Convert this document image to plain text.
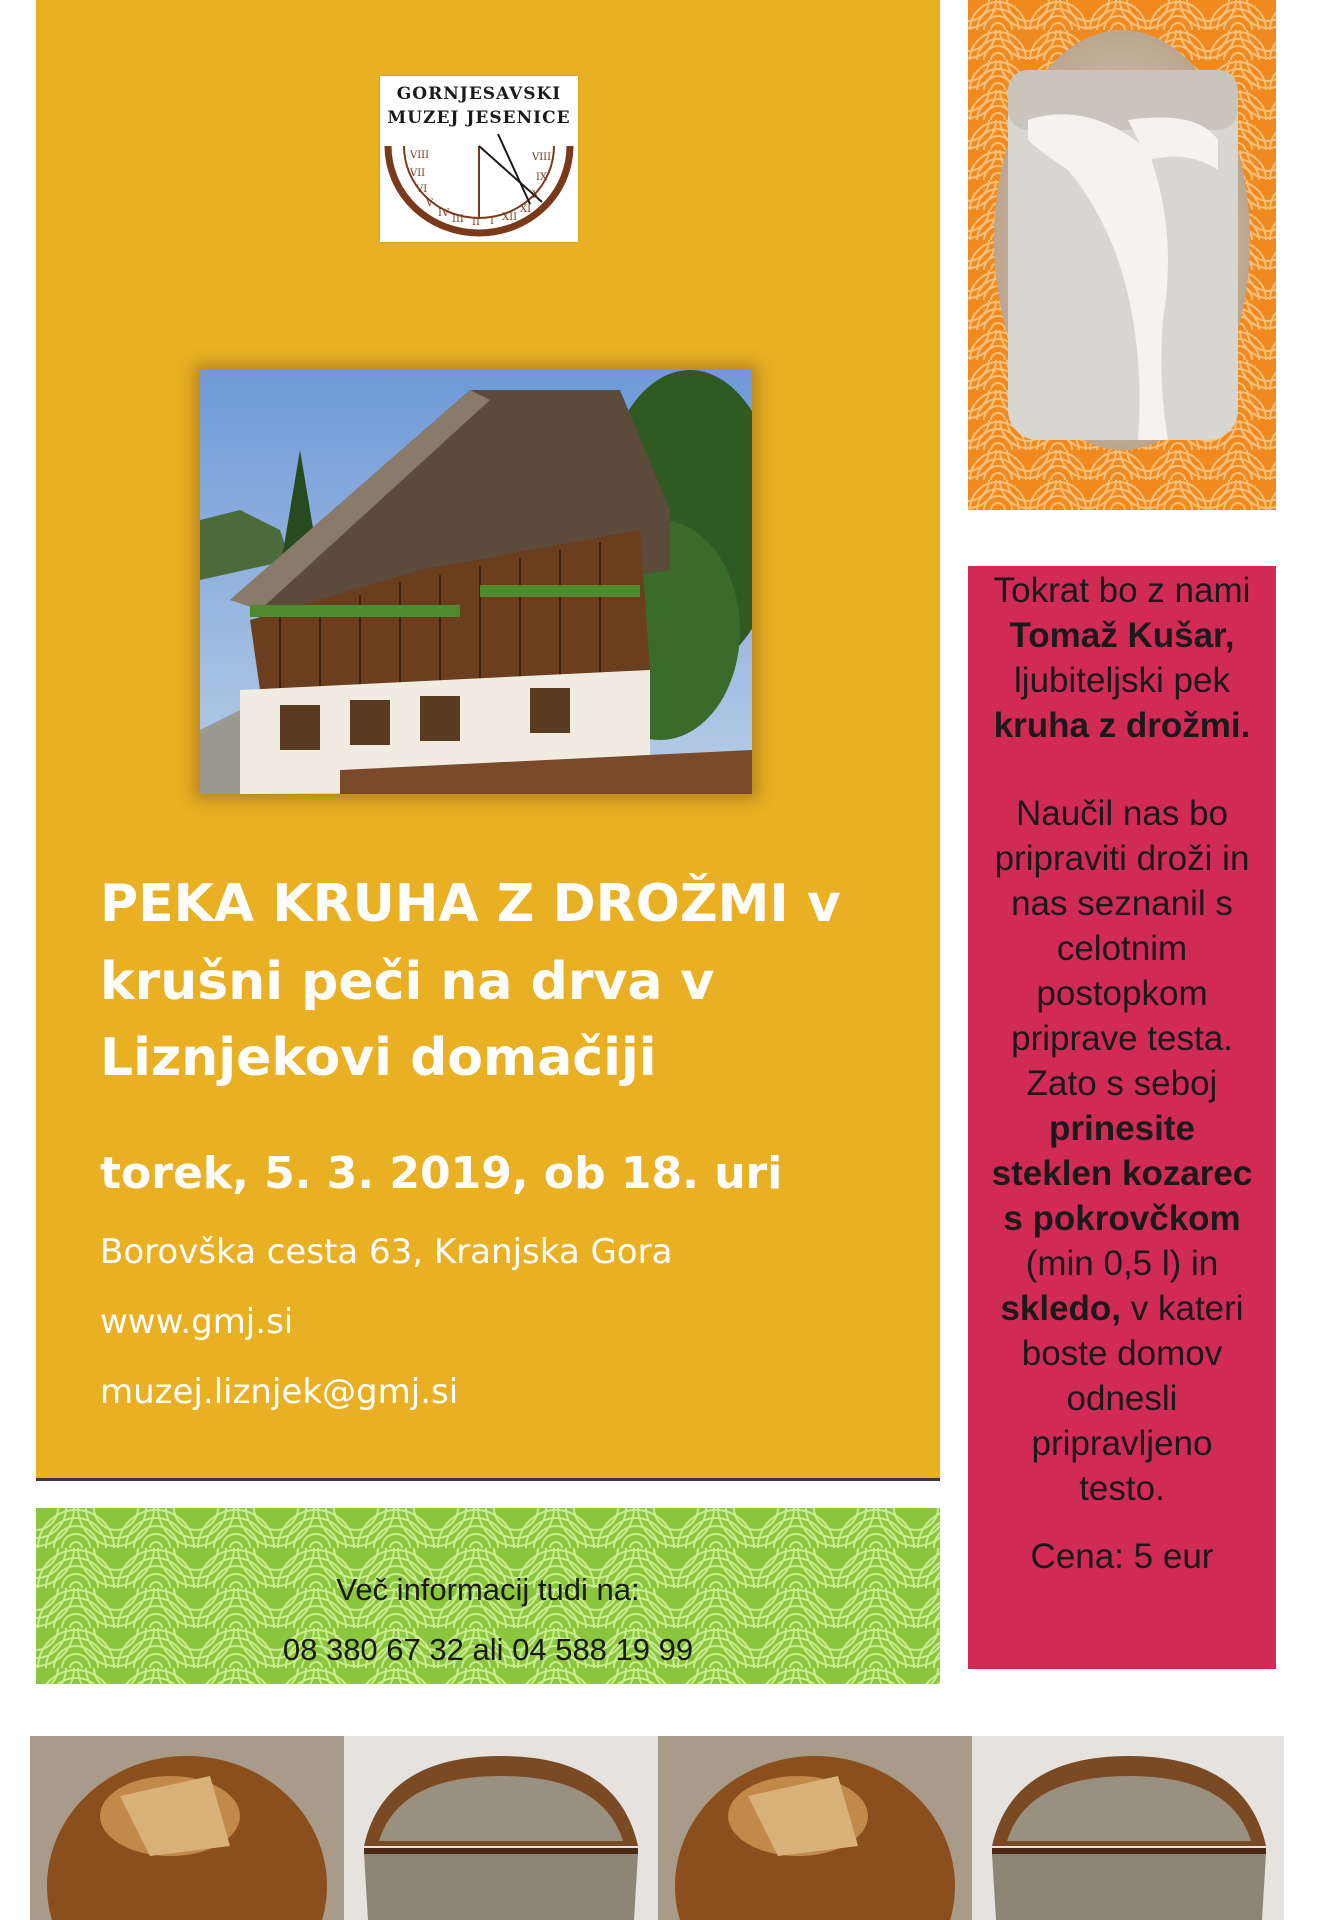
GORNJESAVSKI
MUZEJ JESENICE
VIII
VII
VI
V
IV
III II I XII
XI
X
IX
VIII
PEKA KRUHA Z DROŽMI v
krušni peči na drva v
Liznjekovi domačiji
torek, 5. 3. 2019, ob 18. uri
Borovška cesta 63, Kranjska Gora
www.gmj.si
muzej.liznjek@gmj.si
Več informacij tudi na:
08 380 67 32 ali 04 588 19 99
Tokrat bo z nami
Tomaž Kušar,
ljubiteljski pek
kruha z drožmi.
Naučil nas bo
pripraviti droži in
nas seznanil s
celotnim
postopkom
priprave testa.
Zato s seboj
prinesite
steklen kozarec
s pokrovčkom
(min 0,5 l) in
skledo, v kateri
boste domov
odnesli
pripravljeno
testo.
Cena: 5 eur
